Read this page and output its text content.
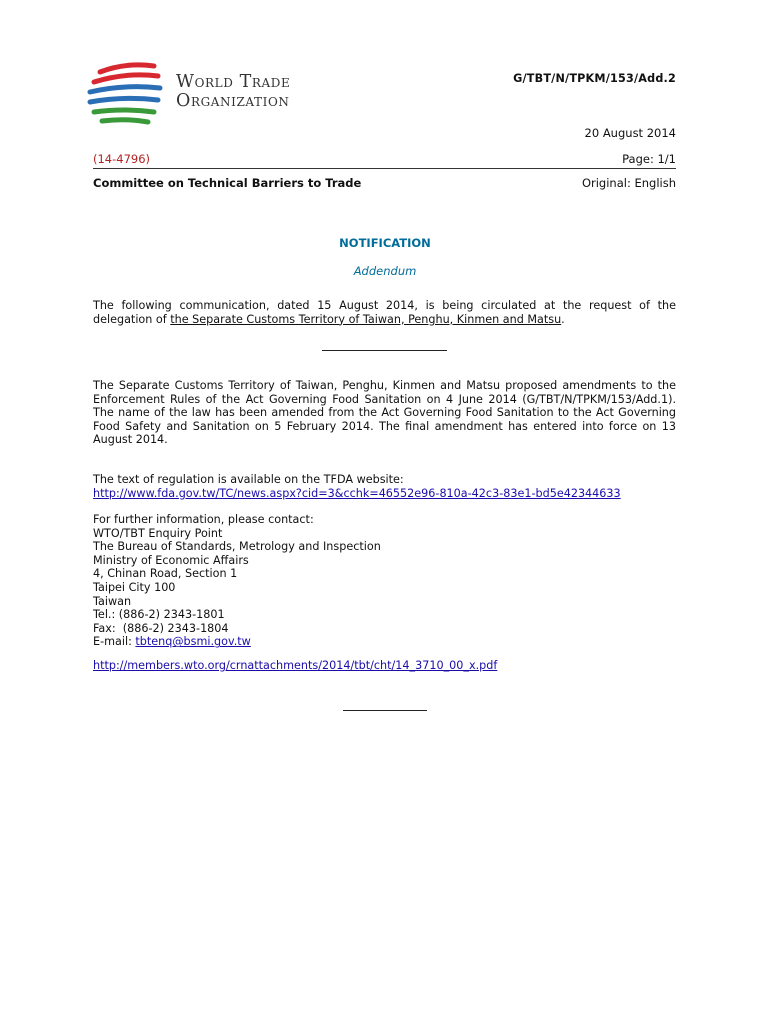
World Trade
Organization
G/TBT/N/TPKM/153/Add.2
20 August 2014
(14-4796)	Page: 1/1
Committee on Technical Barriers to Trade	Original: English
NOTIFICATION
Addendum
The following communication, dated 15 August 2014, is being circulated at the request of the
delegation of the Separate Customs Territory of Taiwan, Penghu, Kinmen and Matsu.
The Separate Customs Territory of Taiwan, Penghu, Kinmen and Matsu proposed amendments to the Enforcement Rules of the Act Governing Food Sanitation on 4 June 2014 (G/TBT/N/TPKM/153/Add.1). The name of the law has been amended from the Act Governing Food Sanitation to the Act Governing Food Safety and Sanitation on 5 February 2014. The final amendment has entered into force on 13 August 2014.
The text of regulation is available on the TFDA website:
http://www.fda.gov.tw/TC/news.aspx?cid=3&cchk=46552e96-810a-42c3-83e1-bd5e42344633
For further information, please contact:
WTO/TBT Enquiry Point
The Bureau of Standards, Metrology and Inspection
Ministry of Economic Affairs
4, Chinan Road, Section 1
Taipei City 100
Taiwan
Tel.: (886-2) 2343-1801
Fax:  (886-2) 2343-1804
E-mail: tbtenq@bsmi.gov.tw
http://members.wto.org/crnattachments/2014/tbt/cht/14_3710_00_x.pdf
